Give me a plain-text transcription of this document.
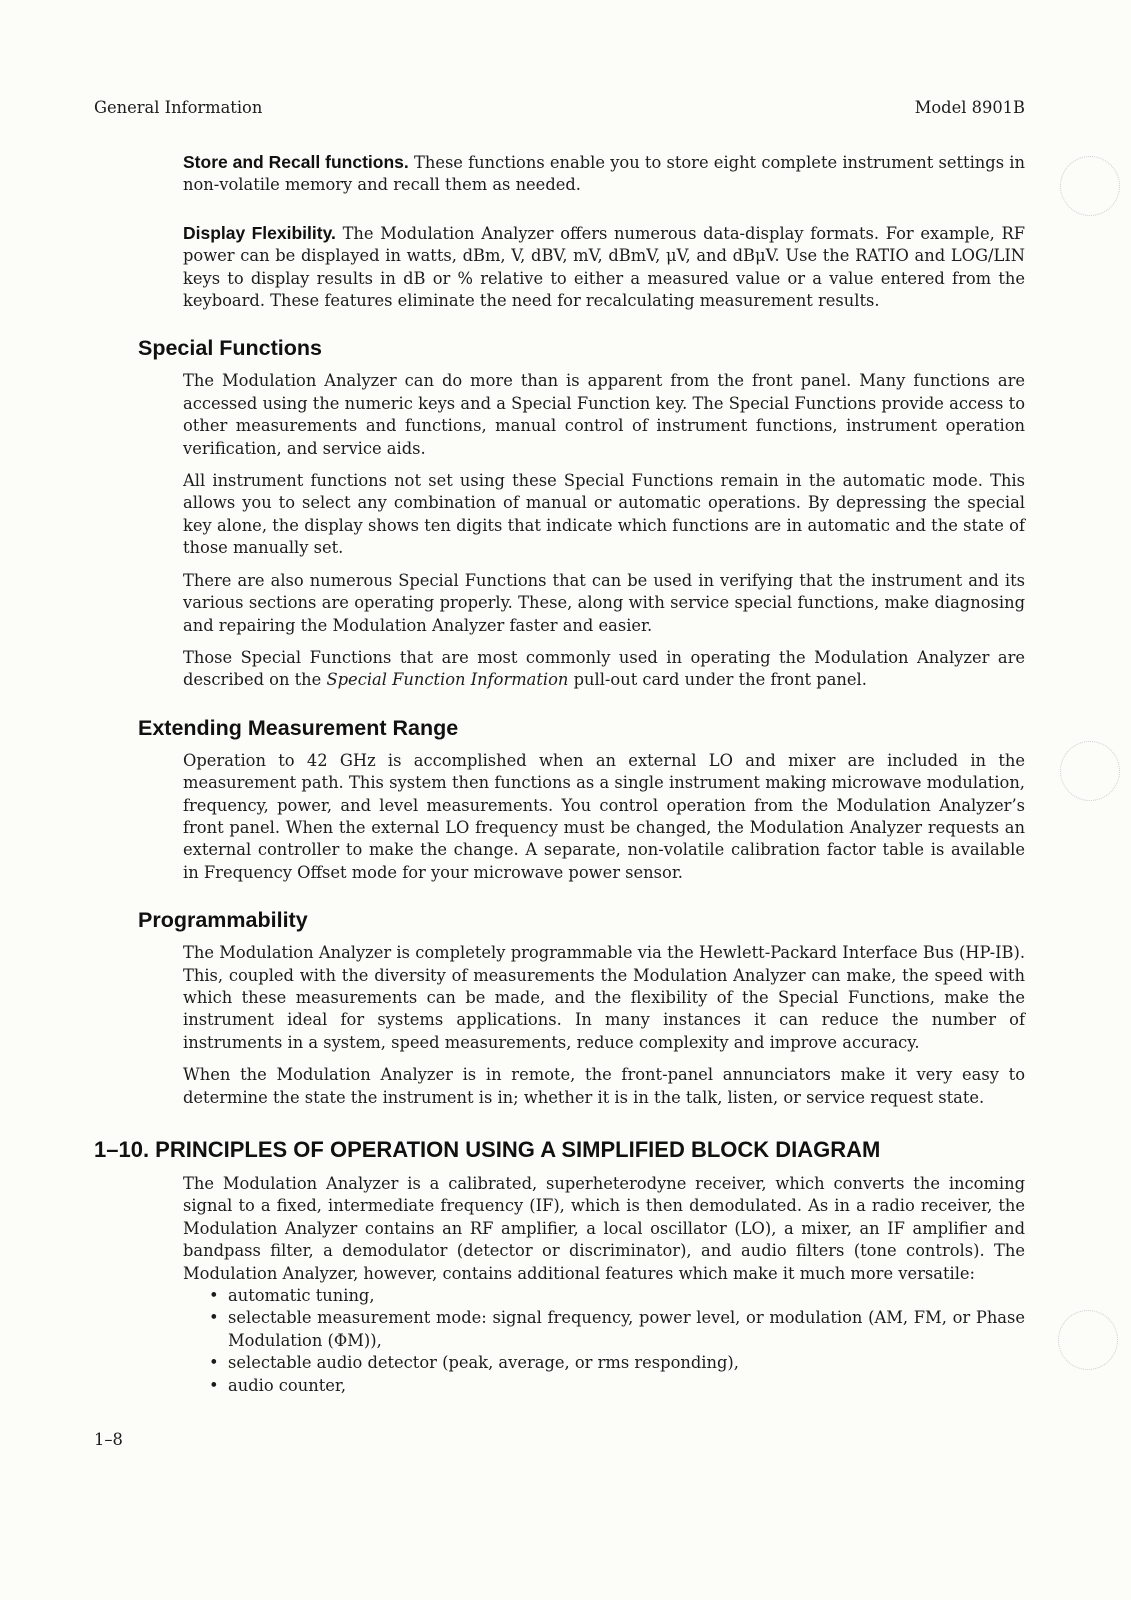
General Information	Model 8901B

Store and Recall functions. These functions enable you to store eight complete instrument settings in non-volatile memory and recall them as needed.

Display Flexibility. The Modulation Analyzer offers numerous data-display formats. For example, RF power can be displayed in watts, dBm, V, dBV, mV, dBmV, μV, and dBμV. Use the RATIO and LOG/LIN keys to display results in dB or % relative to either a measured value or a value entered from the keyboard. These features eliminate the need for recalculating measurement results.

Special Functions

The Modulation Analyzer can do more than is apparent from the front panel. Many functions are accessed using the numeric keys and a Special Function key. The Special Functions provide access to other measurements and functions, manual control of instrument functions, instrument operation verification, and service aids.

All instrument functions not set using these Special Functions remain in the automatic mode. This allows you to select any combination of manual or automatic operations. By depressing the special key alone, the display shows ten digits that indicate which functions are in automatic and the state of those manually set.

There are also numerous Special Functions that can be used in verifying that the instrument and its various sections are operating properly. These, along with service special functions, make diagnosing and repairing the Modulation Analyzer faster and easier.

Those Special Functions that are most commonly used in operating the Modulation Analyzer are described on the Special Function Information pull-out card under the front panel.

Extending Measurement Range

Operation to 42 GHz is accomplished when an external LO and mixer are included in the measurement path. This system then functions as a single instrument making microwave modulation, frequency, power, and level measurements. You control operation from the Modulation Analyzer’s front panel. When the external LO frequency must be changed, the Modulation Analyzer requests an external controller to make the change. A separate, non-volatile calibration factor table is available in Frequency Offset mode for your microwave power sensor.

Programmability

The Modulation Analyzer is completely programmable via the Hewlett-Packard Interface Bus (HP-IB). This, coupled with the diversity of measurements the Modulation Analyzer can make, the speed with which these measurements can be made, and the flexibility of the Special Functions, make the instrument ideal for systems applications. In many instances it can reduce the number of instruments in a system, speed measurements, reduce complexity and improve accuracy.

When the Modulation Analyzer is in remote, the front-panel annunciators make it very easy to determine the state the instrument is in; whether it is in the talk, listen, or service request state.

1–10. PRINCIPLES OF OPERATION USING A SIMPLIFIED BLOCK DIAGRAM

The Modulation Analyzer is a calibrated, superheterodyne receiver, which converts the incoming signal to a fixed, intermediate frequency (IF), which is then demodulated. As in a radio receiver, the Modulation Analyzer contains an RF amplifier, a local oscillator (LO), a mixer, an IF amplifier and bandpass filter, a demodulator (detector or discriminator), and audio filters (tone controls). The Modulation Analyzer, however, contains additional features which make it much more versatile:

• automatic tuning,
• selectable measurement mode: signal frequency, power level, or modulation (AM, FM, or Phase Modulation (ΦM)),
• selectable audio detector (peak, average, or rms responding),
• audio counter,
1–8
